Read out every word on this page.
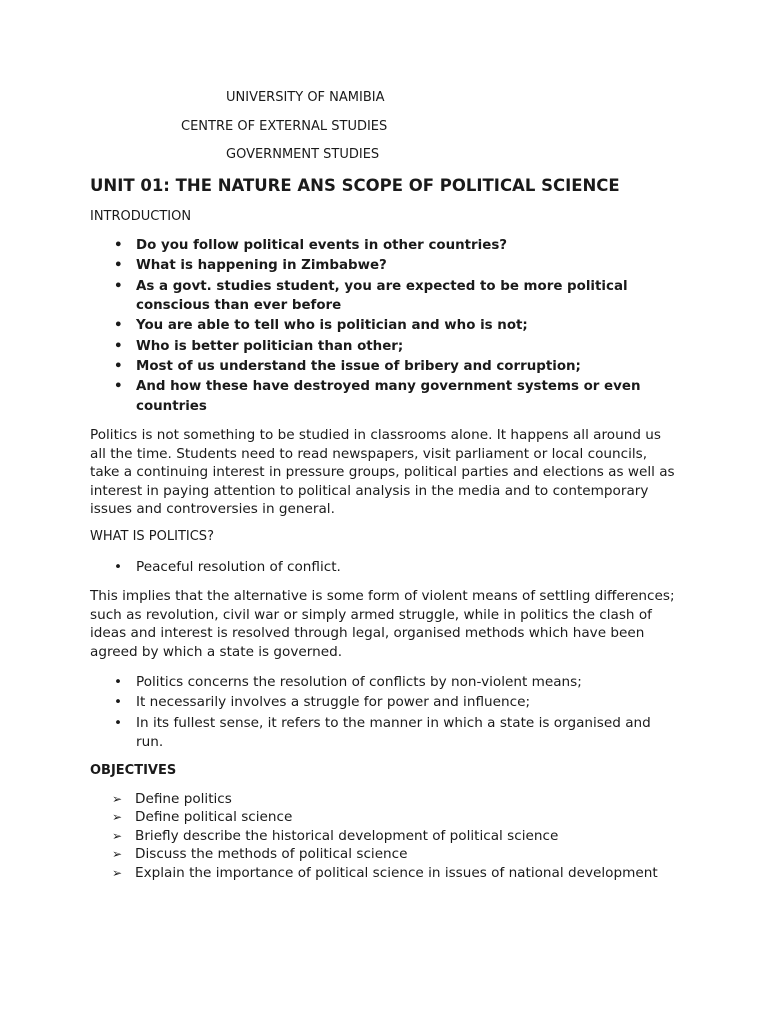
UNIVERSITY OF NAMIBIA
CENTRE OF EXTERNAL STUDIES
GOVERNMENT STUDIES
UNIT 01: THE NATURE ANS SCOPE OF POLITICAL SCIENCE
INTRODUCTION
• Do you follow political events in other countries?
• What is happening in Zimbabwe?
• As a govt. studies student, you are expected to be more political conscious than ever before
• You are able to tell who is politician and who is not;
• Who is better politician than other;
• Most of us understand the issue of bribery and corruption;
• And how these have destroyed many government systems or even countries

Politics is not something to be studied in classrooms alone. It happens all around us all the time. Students need to read newspapers, visit parliament or local councils, take a continuing interest in pressure groups, political parties and elections as well as interest in paying attention to political analysis in the media and to contemporary issues and controversies in general.

WHAT IS POLITICS?
• Peaceful resolution of conflict.

This implies that the alternative is some form of violent means of settling differences; such as revolution, civil war or simply armed struggle, while in politics the clash of ideas and interest is resolved through legal, organised methods which have been agreed by which a state is governed.

• Politics concerns the resolution of conflicts by non-violent means;
• It necessarily involves a struggle for power and influence;
• In its fullest sense, it refers to the manner in which a state is organised and run.
OBJECTIVES
➢ Define politics
➢ Define political science
➢ Briefly describe the historical development of political science
➢ Discuss the methods of political science
➢ Explain the importance of political science in issues of national development
